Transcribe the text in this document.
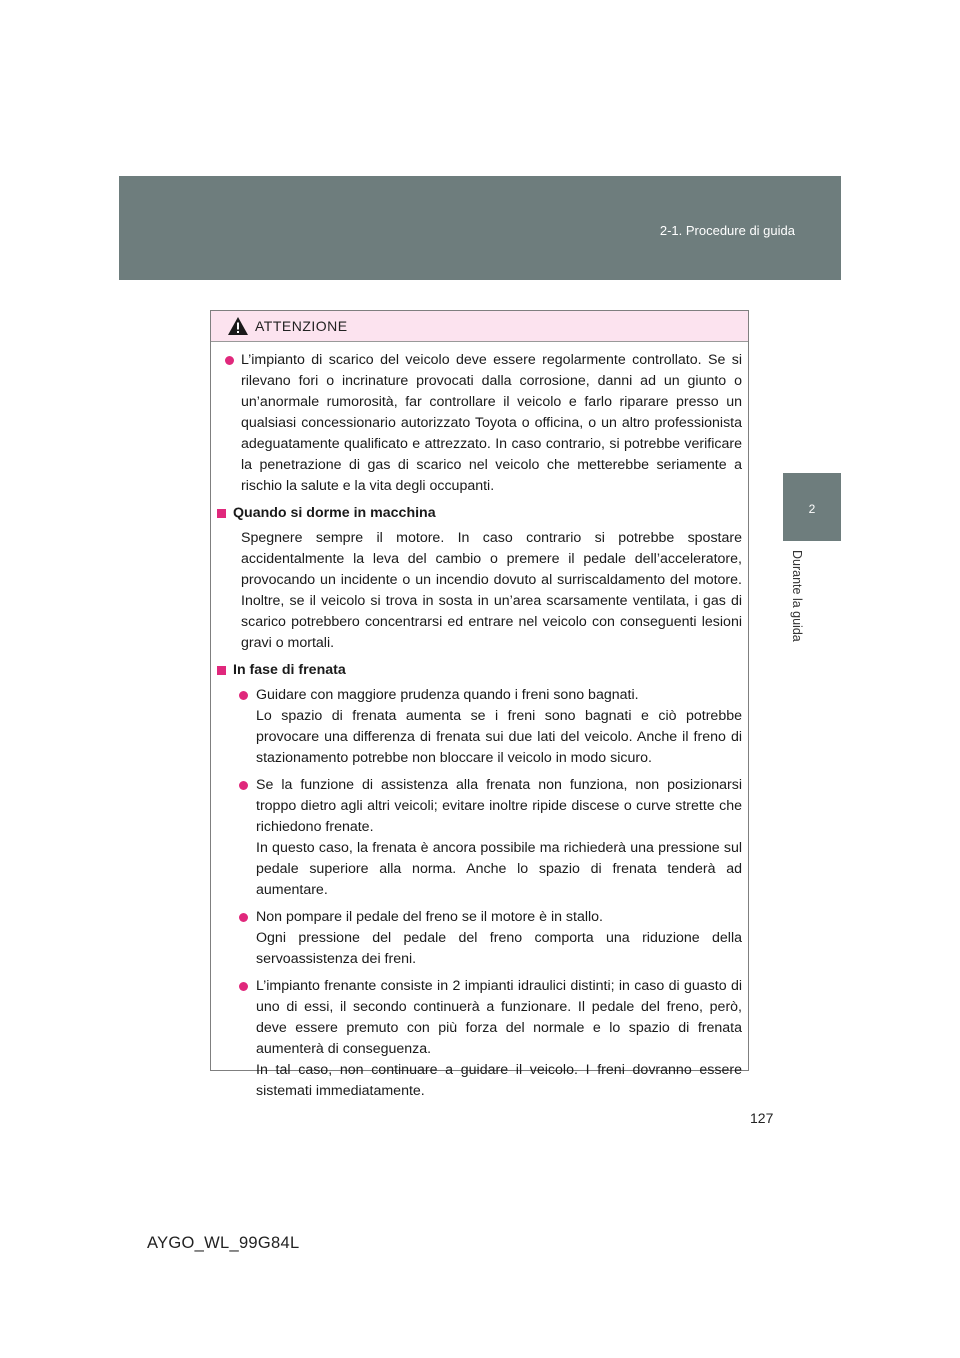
2-1. Procedure di guida
2
Durante la guida
ATTENZIONE
L’impianto di scarico del veicolo deve essere regolarmente controllato. Se si rilevano fori o incrinature provocati dalla corrosione, danni ad un giunto o un’anormale rumorosità, far controllare il veicolo e farlo riparare presso un qualsiasi concessionario autorizzato Toyota o officina, o un altro professionista adeguatamente qualificato e attrezzato. In caso contrario, si potrebbe verificare la penetrazione di gas di scarico nel veicolo che metterebbe seriamente a rischio la salute e la vita degli occupanti.
Quando si dorme in macchina
Spegnere sempre il motore. In caso contrario si potrebbe spostare accidentalmente la leva del cambio o premere il pedale dell’acceleratore, provocando un incidente o un incendio dovuto al surriscaldamento del motore. Inoltre, se il veicolo si trova in sosta in un’area scarsamente ventilata, i gas di scarico potrebbero concentrarsi ed entrare nel veicolo con conseguenti lesioni gravi o mortali.
In fase di frenata
Guidare con maggiore prudenza quando i freni sono bagnati.
Lo spazio di frenata aumenta se i freni sono bagnati e ciò potrebbe provocare una differenza di frenata sui due lati del veicolo. Anche il freno di stazionamento potrebbe non bloccare il veicolo in modo sicuro.
Se la funzione di assistenza alla frenata non funziona, non posizionarsi troppo dietro agli altri veicoli; evitare inoltre ripide discese o curve strette che richiedono frenate.
In questo caso, la frenata è ancora possibile ma richiederà una pressione sul pedale superiore alla norma. Anche lo spazio di frenata tenderà ad aumentare.
Non pompare il pedale del freno se il motore è in stallo.
Ogni pressione del pedale del freno comporta una riduzione della servoassistenza dei freni.
L’impianto frenante consiste in 2 impianti idraulici distinti; in caso di guasto di uno di essi, il secondo continuerà a funzionare. Il pedale del freno, però, deve essere premuto con più forza del normale e lo spazio di frenata aumenterà di conseguenza.
In tal caso, non continuare a guidare il veicolo. I freni dovranno essere sistemati immediatamente.
127
AYGO_WL_99G84L
